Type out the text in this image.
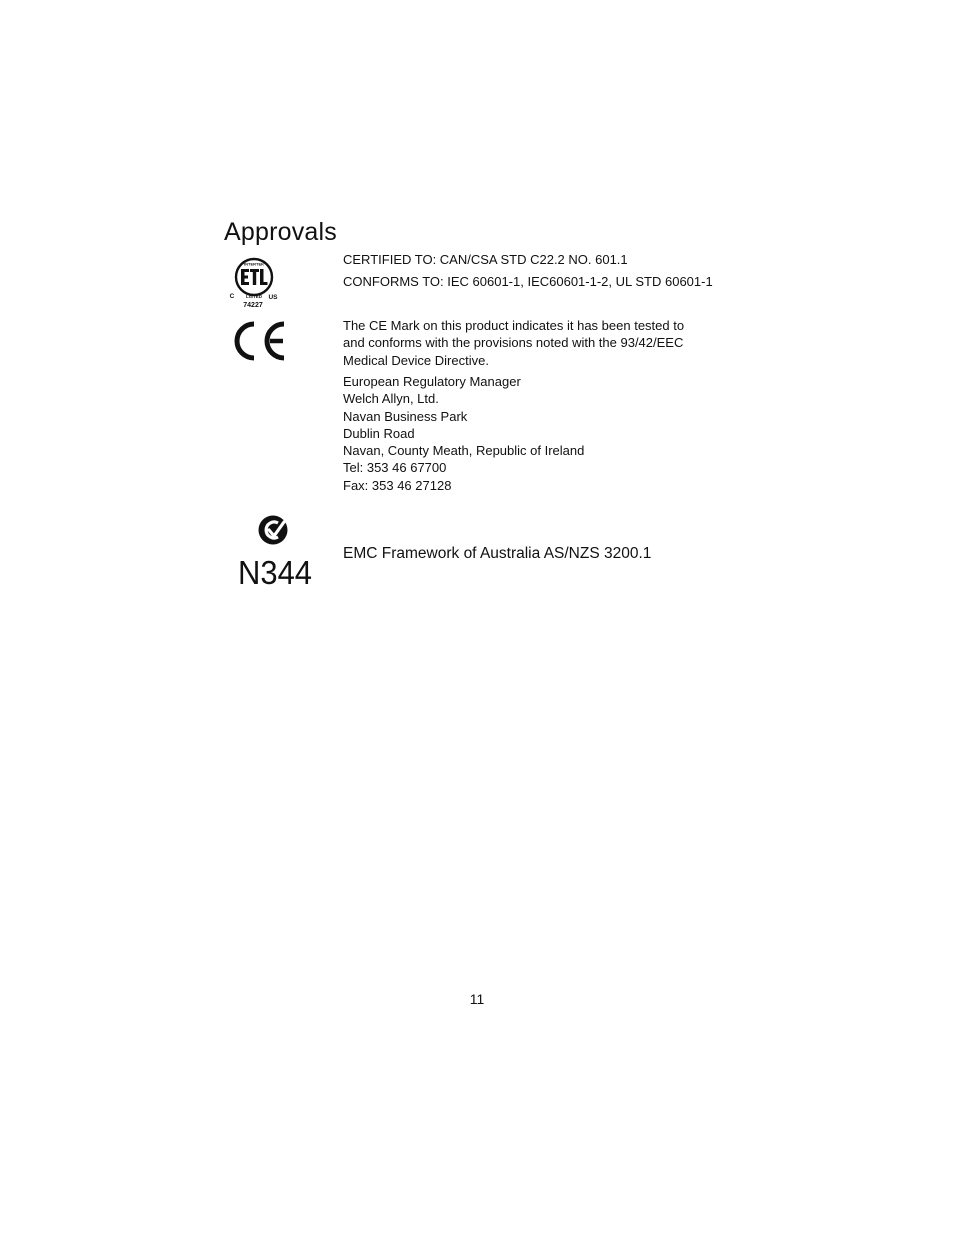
Approvals
INTERTEK
C	LISTED US
74227

CERTIFIED TO: CAN/CSA STD C22.2 NO. 601.1

CONFORMS TO: IEC 60601-1, IEC60601-1-2, UL STD 60601-1

The CE Mark on this product indicates it has been tested to
and conforms with the provisions noted with the 93/42/EEC
Medical Device Directive.
European Regulatory Manager
Welch Allyn, Ltd.
Navan Business Park
Dublin Road
Navan, County Meath, Republic of Ireland
Tel: 353 46 67700
Fax: 353 46 27128
N344

EMC Framework of Australia AS/NZS 3200.1

11
